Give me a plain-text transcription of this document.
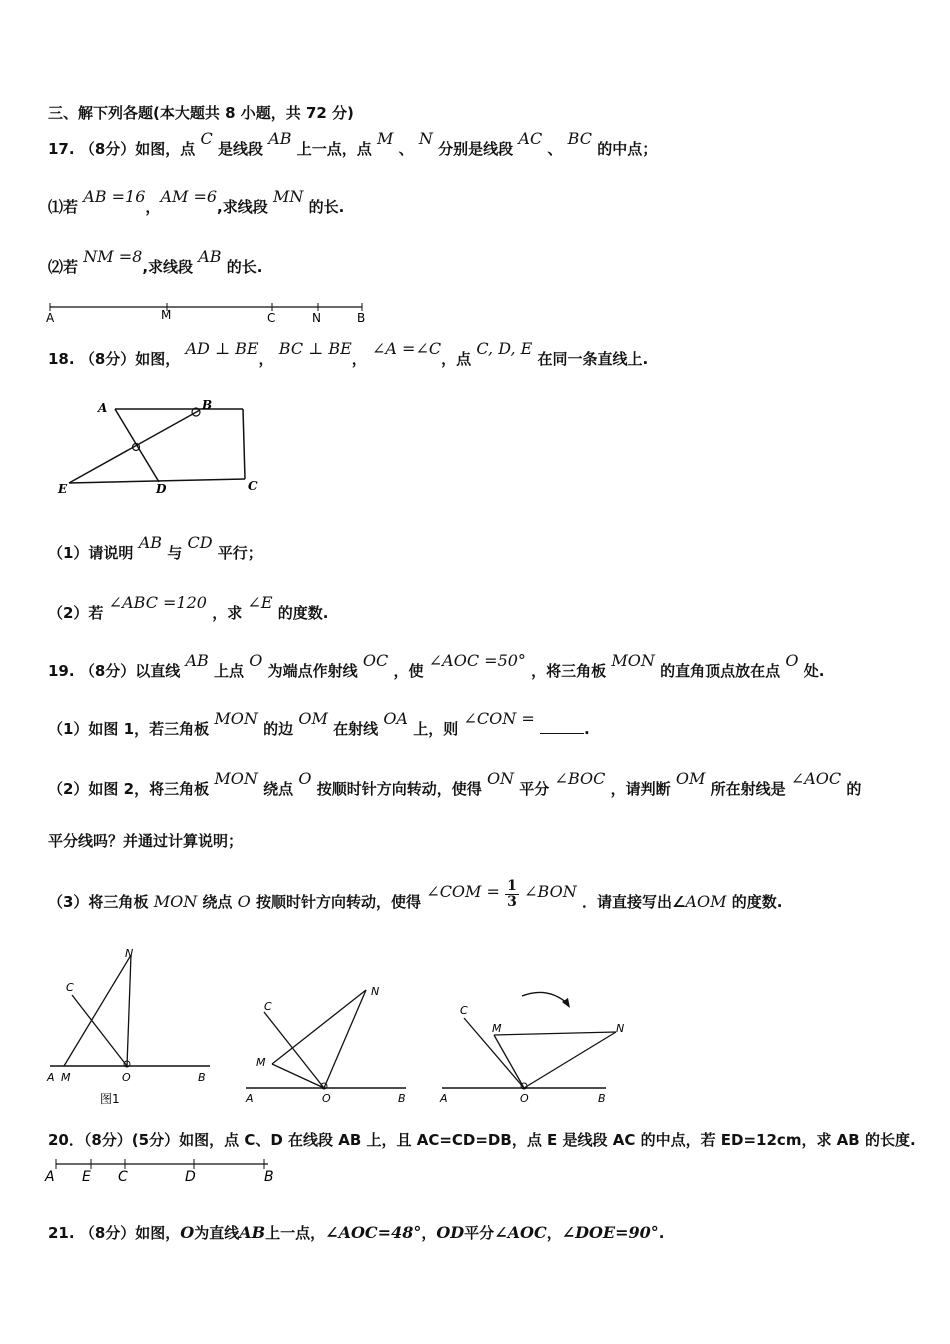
三、解下列各题(本大题共 8 小题，共 72 分)
17. （8分）如图，点 C 是线段 AB 上一点，点 M 、 N 分别是线段 AC 、 BC 的中点；
⑴若 AB =16，AM =6,求线段 MN 的长.
⑵若 NM =8,求线段 AB 的长.
A	M	C	N	B
18. （8分）如图， AD ⊥ BE， BC ⊥ BE， ∠A =∠C，点 C, D, E 在同一条直线上.
A	B
E	D	C
（1）请说明 AB 与 CD 平行；
（2）若 ∠ABC =120 ，求 ∠E 的度数.
19. （8分）以直线 AB 上点 O 为端点作射线 OC ，使 ∠AOC =50° ，将三角板 MON 的直角顶点放在点 O 处.
（1）如图 1，若三角板 MON 的边 OM 在射线 OA 上，则 ∠CON = .
（2）如图 2，将三角板 MON 绕点 O 按顺时针方向转动，使得 ON 平分 ∠BOC ，请判断 OM 所在射线是 ∠AOC 的
平分线吗？并通过计算说明；
（3）将三角板 MON 绕点 O 按顺时针方向转动，使得 ∠COM = $\frac{1}{3}$ ∠BON ．请直接写出∠AOM 的度数.
N
C
A M	O	B
图1
C
N
M
A	O	B
C
M	N
A	O	B
20．（8分）(5分）如图，点 C、D 在线段 AB 上，且 AC=CD=DB，点 E 是线段 AC 的中点，若 ED=12cm，求 AB 的长度.
A E C	D	B
21. （8分）如图，O为直线AB上一点，∠AOC=48°，OD平分∠AOC，∠DOE=90°.
